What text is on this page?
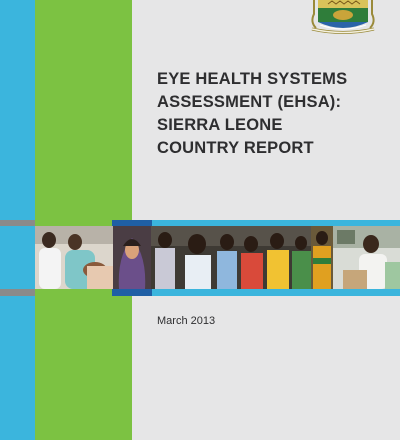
EYE HEALTH SYSTEMS
ASSESSMENT (EHSA):
SIERRA LEONE
COUNTRY REPORT

March 2013
